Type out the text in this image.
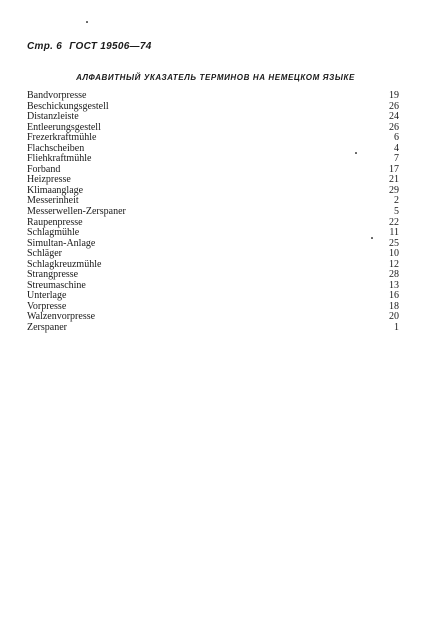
Стр. 6 ГОСТ 19506—74
АЛФАВИТНЫЙ УКАЗАТЕЛЬ ТЕРМИНОВ НА НЕМЕЦКОМ ЯЗЫКЕ
Bandvorpresse	19
Beschickungsgestell	26
Distanzleiste	24
Entleerungsgestell	26
Frezerkraftmühle	6
Flachscheiben	4
Fliehkraftmühle	7
Forband	17
Heizpresse	21
Klimaanglage	29
Messerinheit	2
Messerwellen-Zerspaner	5
Raupenpresse	22
Schlagmühle	11
Simultan-Anlage	25
Schläger	10
Schlagkreuzmühle	12
Strangpresse	28
Streumaschine	13
Unterlage	16
Vorpresse	18
Walzenvorpresse	20
Zerspaner	1
